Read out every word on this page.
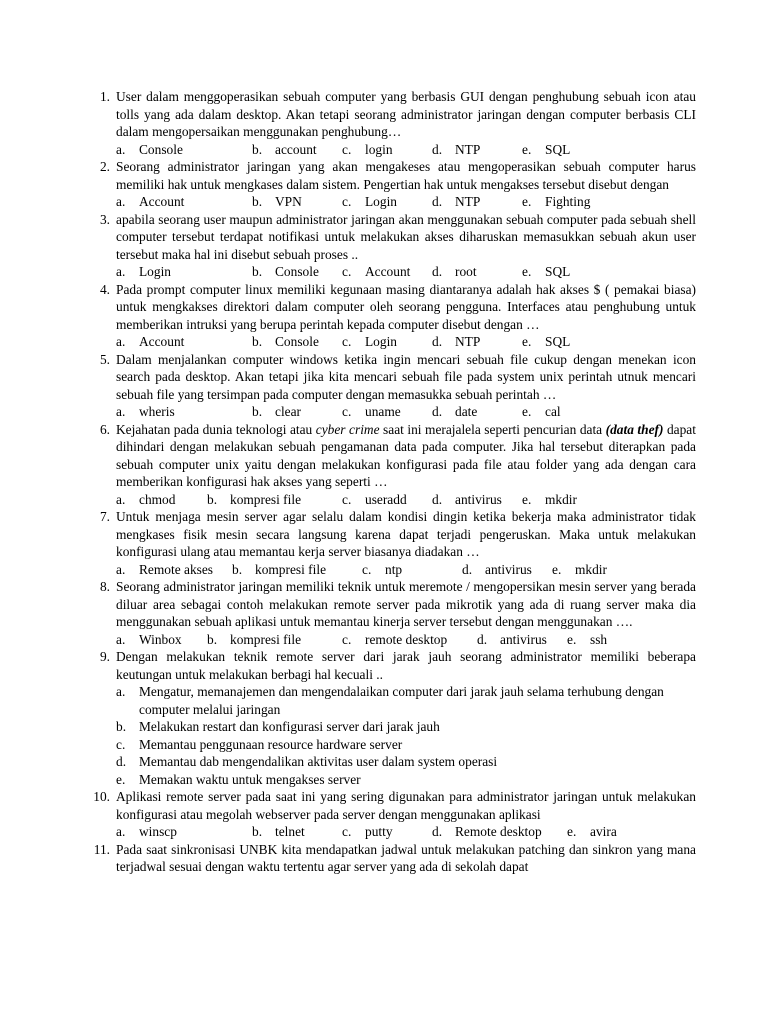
1. User dalam menggoperasikan sebuah computer yang berbasis GUI dengan penghubung sebuah icon atau tolls yang ada dalam desktop. Akan tetapi seorang administrator jaringan dengan computer berbasis CLI dalam mengopersaikan menggunakan penghubung…
a. Console	b. account c. login	d. NTP	e. SQL
2. Seorang administrator jaringan yang akan mengakeses atau mengoperasikan sebuah computer harus memiliki hak untuk mengkases dalam sistem. Pengertian hak untuk mengakses tersebut disebut dengan
a. Account	b. VPN	c. Login	d. NTP	e. Fighting
3. apabila seorang user maupun administrator jaringan akan menggunakan sebuah computer pada sebuah shell computer tersebut terdapat notifikasi untuk melakukan akses diharuskan memasukkan sebuah akun user tersebut maka hal ini disebut sebuah proses ..
a. Login	b. Console c. Account d. root	e. SQL
4. Pada prompt computer linux memiliki kegunaan masing diantaranya adalah hak akses $ ( pemakai biasa) untuk mengkakses direktori dalam computer oleh seorang pengguna. Interfaces atau penghubung untuk memberikan intruksi yang berupa perintah kepada computer disebut dengan …
a. Account	b. Console c. Login	d. NTP	e. SQL
5. Dalam menjalankan computer windows ketika ingin mencari sebuah file cukup dengan menekan icon search pada desktop. Akan tetapi jika kita mencari sebuah file pada system unix perintah utnuk mencari sebuah file yang tersimpan pada computer dengan memasukka sebuah perintah …
a. wheris	b. clear	c. uname d. date	e. cal
6. Kejahatan pada dunia teknologi atau cyber crime saat ini merajalela seperti pencurian data (data thef) dapat dihindari dengan melakukan sebuah pengamanan data pada computer. Jika hal tersebut diterapkan pada sebuah computer unix yaitu dengan melakukan konfigurasi pada file atau folder yang ada dengan cara memberikan konfigurasi hak akses yang seperti …
a. chmod b. kompresi file	c. useradd d. antivirus e. mkdir
7. Untuk menjaga mesin server agar selalu dalam kondisi dingin ketika bekerja maka administrator tidak mengkases fisik mesin secara langsung karena dapat terjadi pengeruskan. Maka untuk melakukan konfigurasi ulang atau memantau kerja server biasanya diadakan …
a. Remote akses b. kompresi file	c. ntp	d. antivirus e. mkdir
8. Seorang administrator jaringan memiliki teknik untuk meremote / mengopersikan mesin server yang berada diluar area sebagai contoh melakukan remote server pada mikrotik yang ada di ruang server maka dia menggunakan sebuah aplikasi untuk memantau kinerja server tersebut dengan menggunakan ….
a. Winbox b. kompresi file	c. remote desktop d. antivirus e. ssh
9. Dengan melakukan teknik remote server dari jarak jauh seorang administrator memiliki beberapa keutungan untuk melakukan berbagi hal kecuali ..
a. Mengatur, memanajemen dan mengendalaikan computer dari jarak jauh selama terhubung dengan computer melalui jaringan
b. Melakukan restart dan konfigurasi server dari jarak jauh
c. Memantau penggunaan resource hardware server
d. Memantau dab mengendalikan aktivitas user dalam system operasi
e. Memakan waktu untuk mengakses server
10. Aplikasi remote server pada saat ini yang sering digunakan para administrator jaringan untuk melakukan konfigurasi atau megolah webserver pada server dengan menggunakan aplikasi
a. winscp	b. telnet	c. putty	d. Remote desktop e. avira
11. Pada saat sinkronisasi UNBK kita mendapatkan jadwal untuk melakukan patching dan sinkron yang mana terjadwal sesuai dengan waktu tertentu agar server yang ada di sekolah dapat
